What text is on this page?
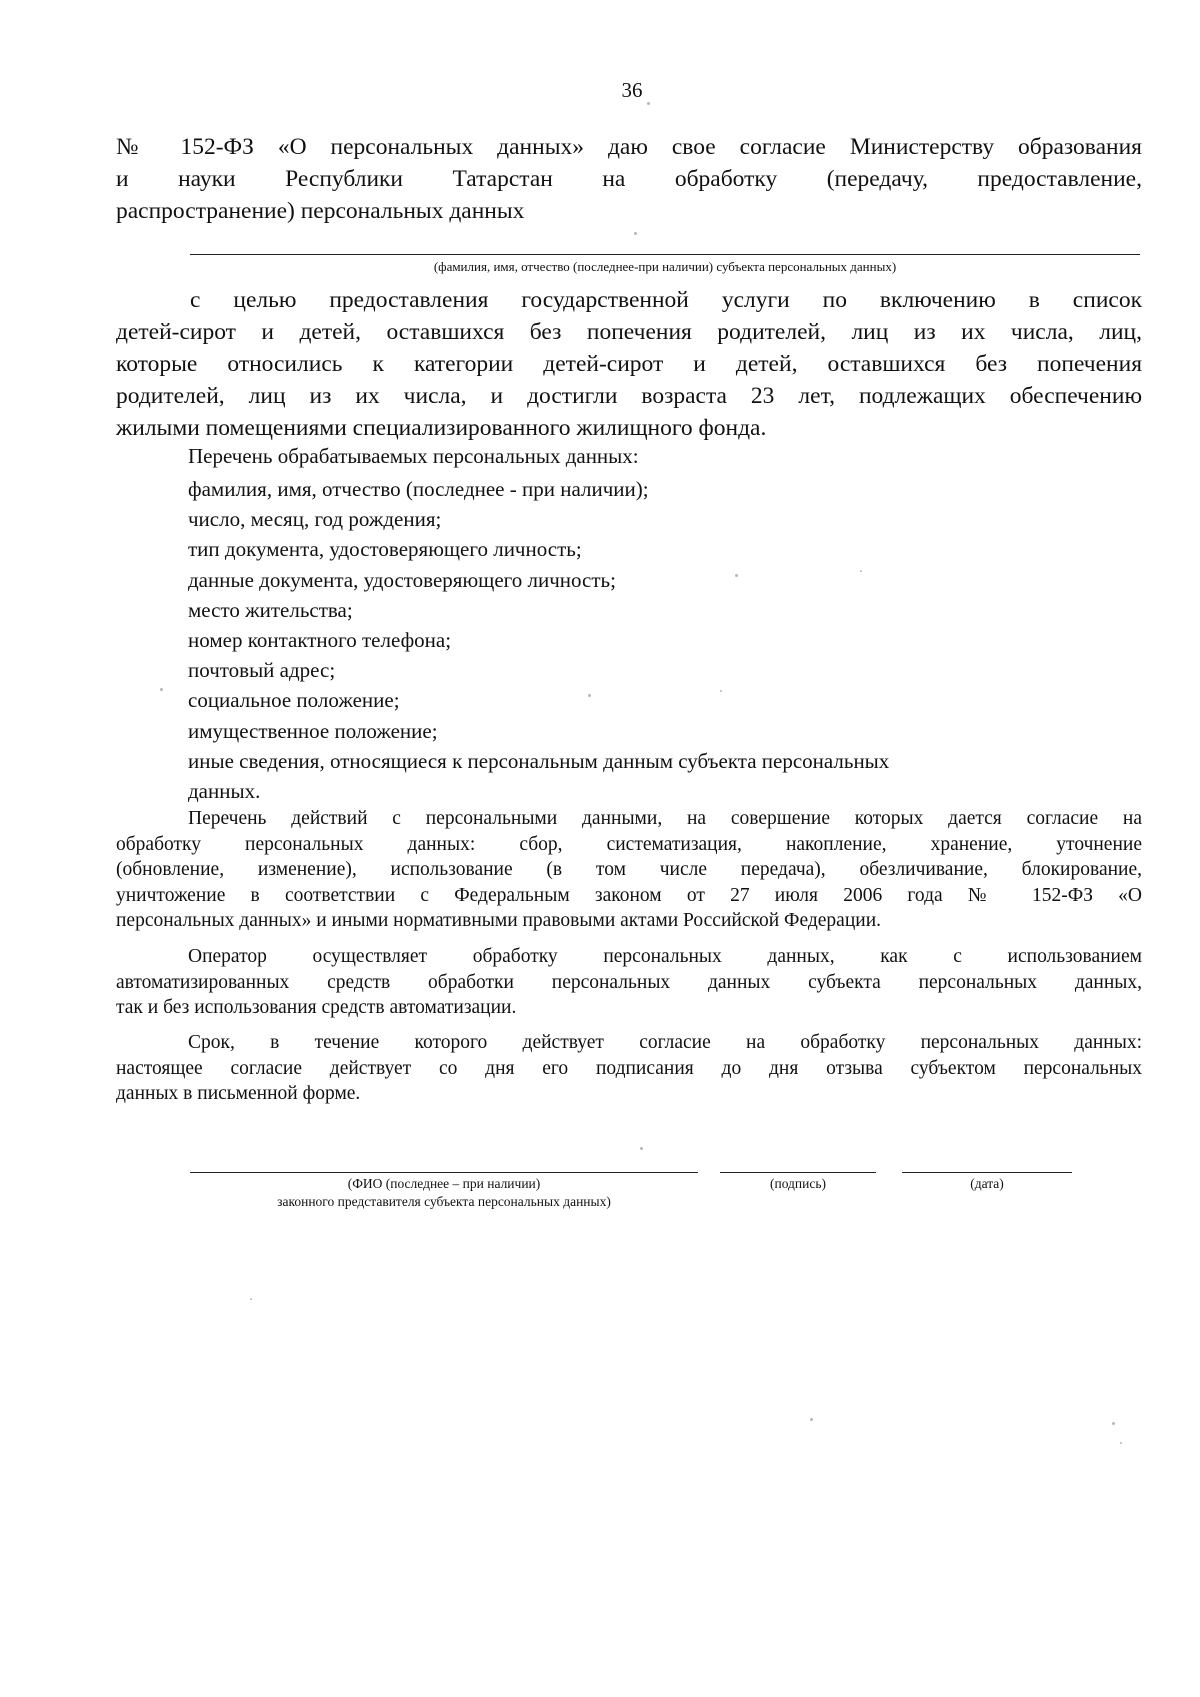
36
№ 152-ФЗ «О персональных данных» даю свое согласие Министерству образования
и науки Республики Татарстан на обработку (передачу, предоставление,
распространение) персональных данных
(фамилия, имя, отчество (последнее-при наличии) субъекта персональных данных)
с целью предоставления государственной услуги по включению в список
детей-сирот и детей, оставшихся без попечения родителей, лиц из их числа, лиц,
которые относились к категории детей-сирот и детей, оставшихся без попечения
родителей, лиц из их числа, и достигли возраста 23 лет, подлежащих обеспечению
жилыми помещениями специализированного жилищного фонда.
Перечень обрабатываемых персональных данных:
фамилия, имя, отчество (последнее - при наличии);
число, месяц, год рождения;
тип документа, удостоверяющего личность;
данные документа, удостоверяющего личность;
место жительства;
номер контактного телефона;
почтовый адрес;
социальное положение;
имущественное положение;
иные сведения, относящиеся к персональным данным субъекта персональных
данных.
Перечень действий с персональными данными, на совершение которых дается согласие на
обработку персональных данных: сбор, систематизация, накопление, хранение, уточнение
(обновление, изменение), использование (в том числе передача), обезличивание, блокирование,
уничтожение в соответствии с Федеральным законом от 27 июля 2006 года № 152-ФЗ «О
персональных данных» и иными нормативными правовыми актами Российской Федерации.
Оператор осуществляет обработку персональных данных, как с использованием
автоматизированных средств обработки персональных данных субъекта персональных данных,
так и без использования средств автоматизации.
Срок, в течение которого действует согласие на обработку персональных данных:
настоящее согласие действует со дня его подписания до дня отзыва субъектом персональных
данных в письменной форме.
(ФИО (последнее – при наличии)
законного представителя субъекта персональных данных)
(подпись)	(дата)
